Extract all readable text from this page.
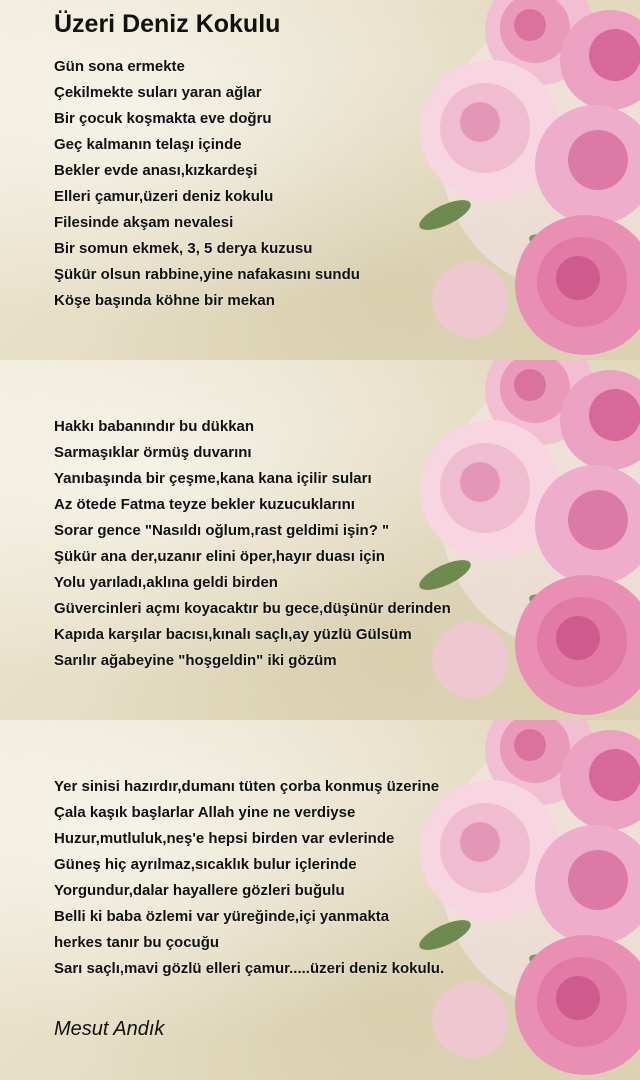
Üzeri Deniz Kokulu
Gün sona ermekte
Çekilmekte suları yaran ağlar
Bir çocuk koşmakta eve doğru
Geç kalmanın telaşı içinde
Bekler evde anası,kızkardeşi
Elleri çamur,üzeri deniz kokulu
Filesinde akşam nevalesi
Bir somun ekmek, 3, 5 derya kuzusu
Şükür olsun rabbine,yine nafakasını sundu
Köşe başında köhne bir mekan
Hakkı babanındır bu dükkan
Sarmaşıklar örmüş duvarını
Yanıbaşında bir çeşme,kana kana içilir suları
Az ötede Fatma teyze bekler kuzucuklarını
Sorar gence "Nasıldı oğlum,rast geldimi işin? "
Şükür ana der,uzanır elini öper,hayır duası için
Yolu yarıladı,aklına geldi birden
Güvercinleri açmı koyacaktır bu gece,düşünür derinden
Kapıda karşılar bacısı,kınalı saçlı,ay yüzlü Gülsüm
Sarılır ağabeyine "hoşgeldin" iki gözüm
Yer sinisi hazırdır,dumanı tüten çorba konmuş üzerine
Çala kaşık başlarlar Allah yine ne verdiyse
Huzur,mutluluk,neş'e hepsi birden var evlerinde
Güneş hiç ayrılmaz,sıcaklık bulur içlerinde
Yorgundur,dalar hayallere gözleri buğulu
Belli ki baba özlemi var yüreğinde,içi yanmakta
herkes tanır bu çocuğu
Sarı saçlı,mavi gözlü elleri çamur.....üzeri deniz kokulu.
Mesut Andık
